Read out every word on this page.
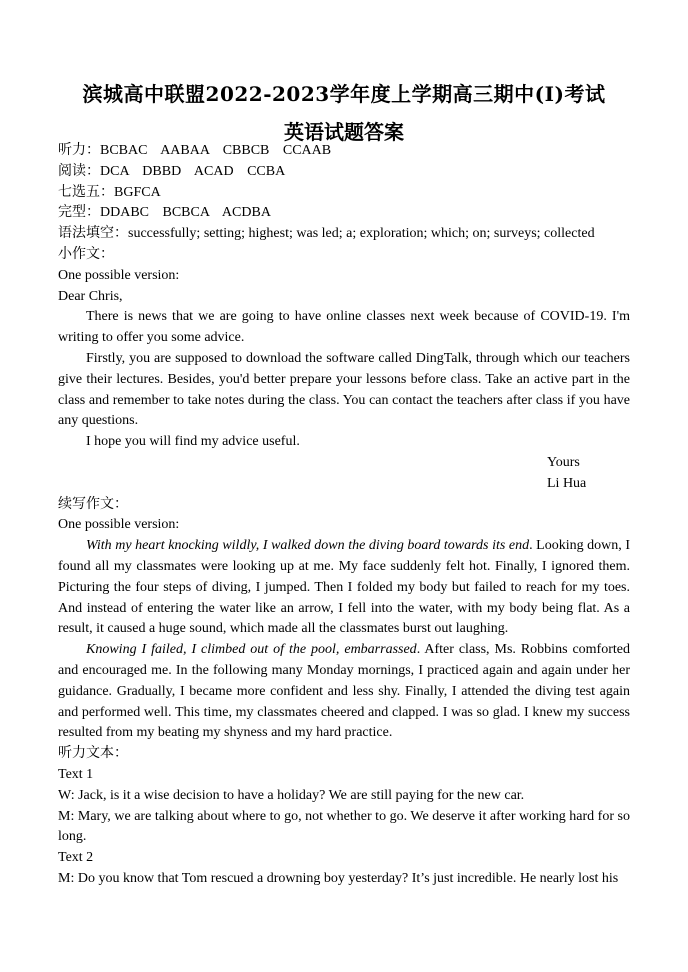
滨城高中联盟2022-2023学年度上学期高三期中(I)考试
英语试题答案
听力：BCBAC AABAA CBBCB CCAAB
阅读：DCA DBBD ACAD CCBA
七选五：BGFCA
完型：DDABC BCBCA ACDBA
语法填空：successfully; setting; highest; was led; a; exploration; which; on; surveys; collected
小作文：
One possible version:
Dear Chris,
There is news that we are going to have online classes next week because of COVID-19. I'm writing to offer you some advice.
Firstly, you are supposed to download the software called DingTalk, through which our teachers give their lectures. Besides, you'd better prepare your lessons before class. Take an active part in the class and remember to take notes during the class. You can contact the teachers after class if you have any questions.
I hope you will find my advice useful.
Yours
Li Hua
续写作文：
One possible version:
With my heart knocking wildly, I walked down the diving board towards its end. Looking down, I found all my classmates were looking up at me. My face suddenly felt hot. Finally, I ignored them. Picturing the four steps of diving, I jumped. Then I folded my body but failed to reach for my toes. And instead of entering the water like an arrow, I fell into the water, with my body being flat. As a result, it caused a huge sound, which made all the classmates burst out laughing.
Knowing I failed, I climbed out of the pool, embarrassed. After class, Ms. Robbins comforted and encouraged me. In the following many Monday mornings, I practiced again and again under her guidance. Gradually, I became more confident and less shy. Finally, I attended the diving test again and performed well. This time, my classmates cheered and clapped. I was so glad. I knew my success resulted from my beating my shyness and my hard practice.
听力文本：
Text 1
W: Jack, is it a wise decision to have a holiday? We are still paying for the new car.
M: Mary, we are talking about where to go, not whether to go. We deserve it after working hard for so long.
Text 2
M: Do you know that Tom rescued a drowning boy yesterday? It’s just incredible. He nearly lost his
